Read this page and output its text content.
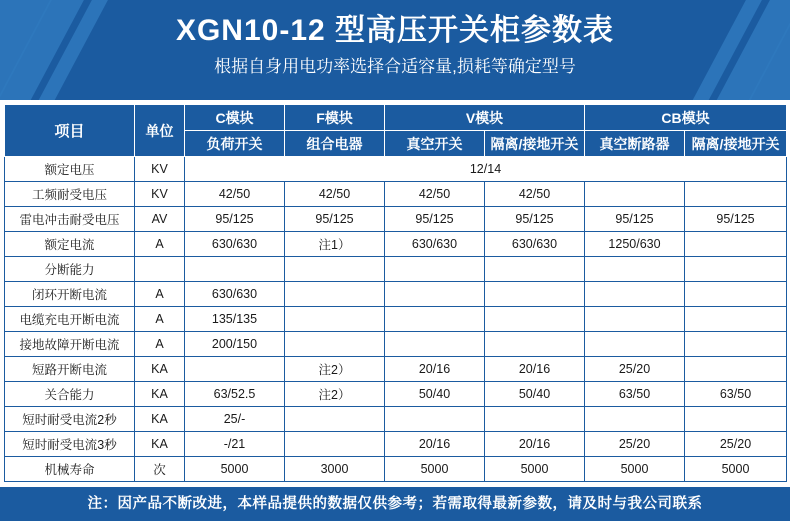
XGN10-12 型高压开关柜参数表
根据自身用电功率选择合适容量,损耗等确定型号
项目	单位	C模块	F模块	V模块		CB模块	
		负荷开关	组合电器	真空开关	隔离/接地开关	真空断路器	隔离/接地开关
额定电压	KV	12/14					
工频耐受电压	KV	42/50	42/50	42/50	42/50		
雷电冲击耐受电压	AV	95/125	95/125	95/125	95/125	95/125	95/125
额定电流	A	630/630	注1）	630/630	630/630	1250/630	
分断能力							
闭环开断电流	A	630/630					
电缆充电开断电流	A	135/135					
接地故障开断电流	A	200/150					
短路开断电流	KA		注2）	20/16	20/16	25/20	
关合能力	KA	63/52.5	注2）	50/40	50/40	63/50	63/50
短时耐受电流2秒	KA	25/-					
短时耐受电流3秒	KA	-/21		20/16	20/16	25/20	25/20
机械寿命	次	5000	3000	5000	5000	5000	5000
注：因产品不断改进，本样品提供的数据仅供参考；若需取得最新参数，请及时与我公司联系
